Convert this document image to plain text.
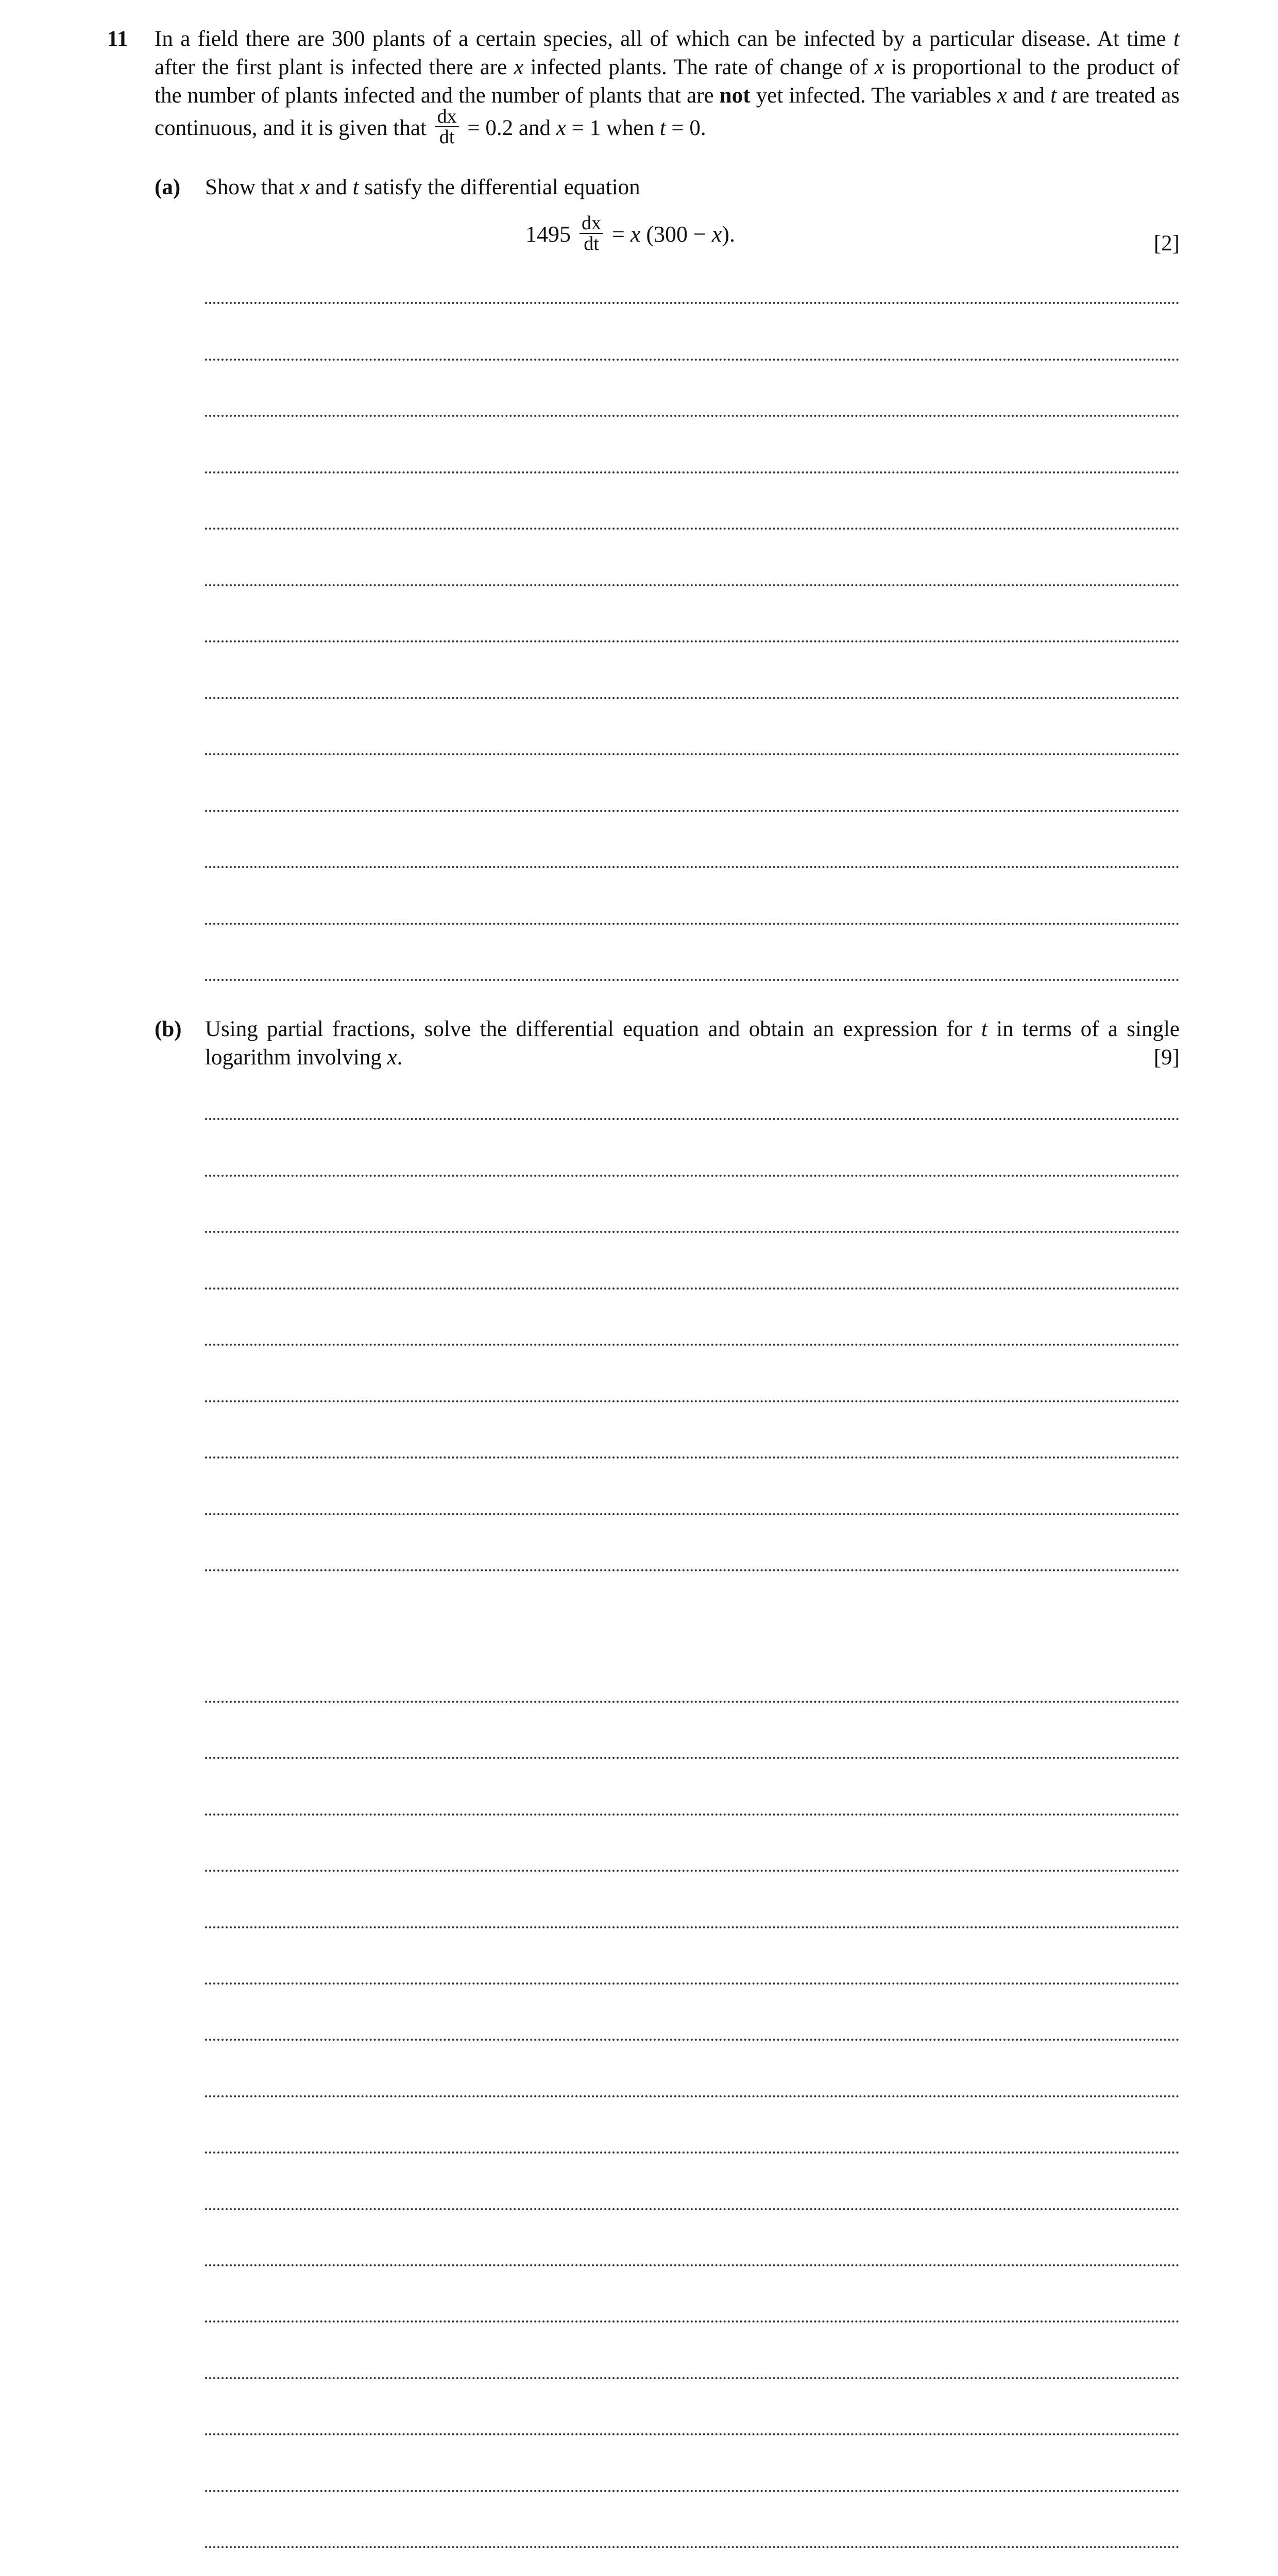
11 In a field there are 300 plants of a certain species, all of which can be infected by a particular disease. At time t after the first plant is infected there are x infected plants. The rate of change of x is proportional to the product of the number of plants infected and the number of plants that are not yet infected. The variables x and t are treated as continuous, and it is given that $\frac{dx}{dt} = 0.2$ and x = 1 when t = 0.

(a) Show that x and t satisfy the differential equation
$1495 \frac{dx}{dt} = x$ (300 − x).	[2]
(b) Using partial fractions, solve the differential equation and obtain an expression for t in terms of a single logarithm involving x.	[9]
